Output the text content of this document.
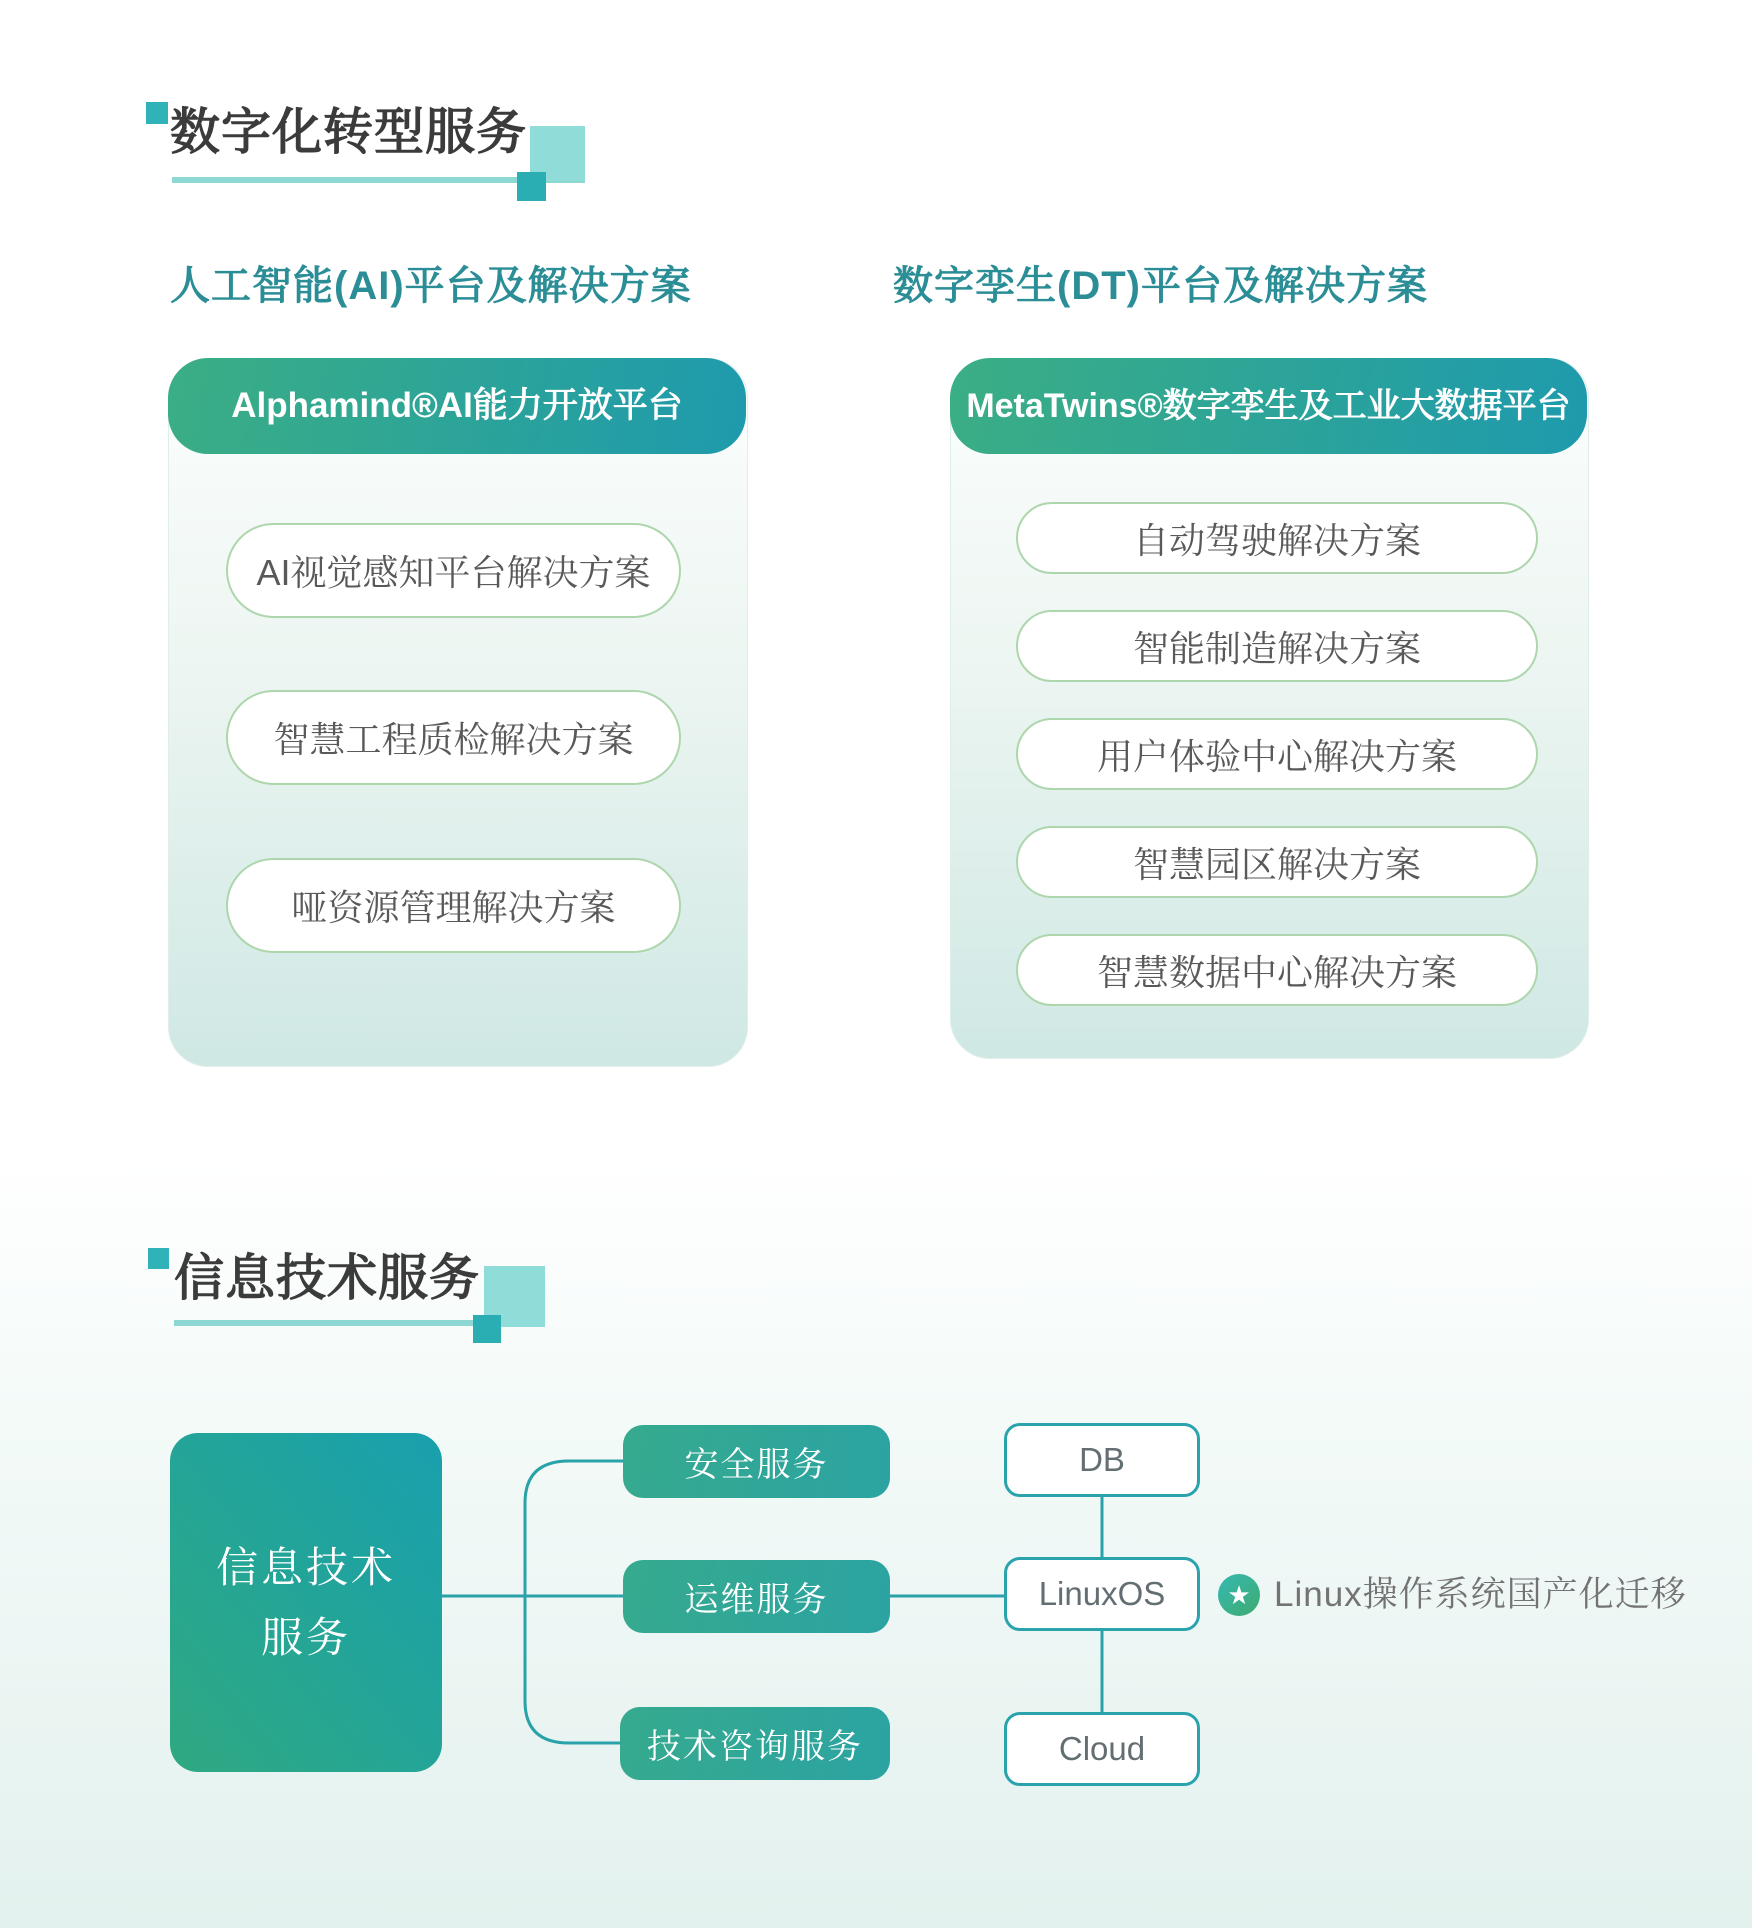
数字化转型服务
人工智能(AI)平台及解决方案	数字孪生(DT)平台及解决方案
Alphamind®AI能力开放平台
AI视觉感知平台解决方案
智慧工程质检解决方案
哑资源管理解决方案
MetaTwins®数字孪生及工业大数据平台
自动驾驶解决方案
智能制造解决方案
用户体验中心解决方案
智慧园区解决方案
智慧数据中心解决方案
信息技术服务
信息技术
服务
安全服务
运维服务
技术咨询服务
DB
LinuxOS
Cloud
★ Linux操作系统国产化迁移
